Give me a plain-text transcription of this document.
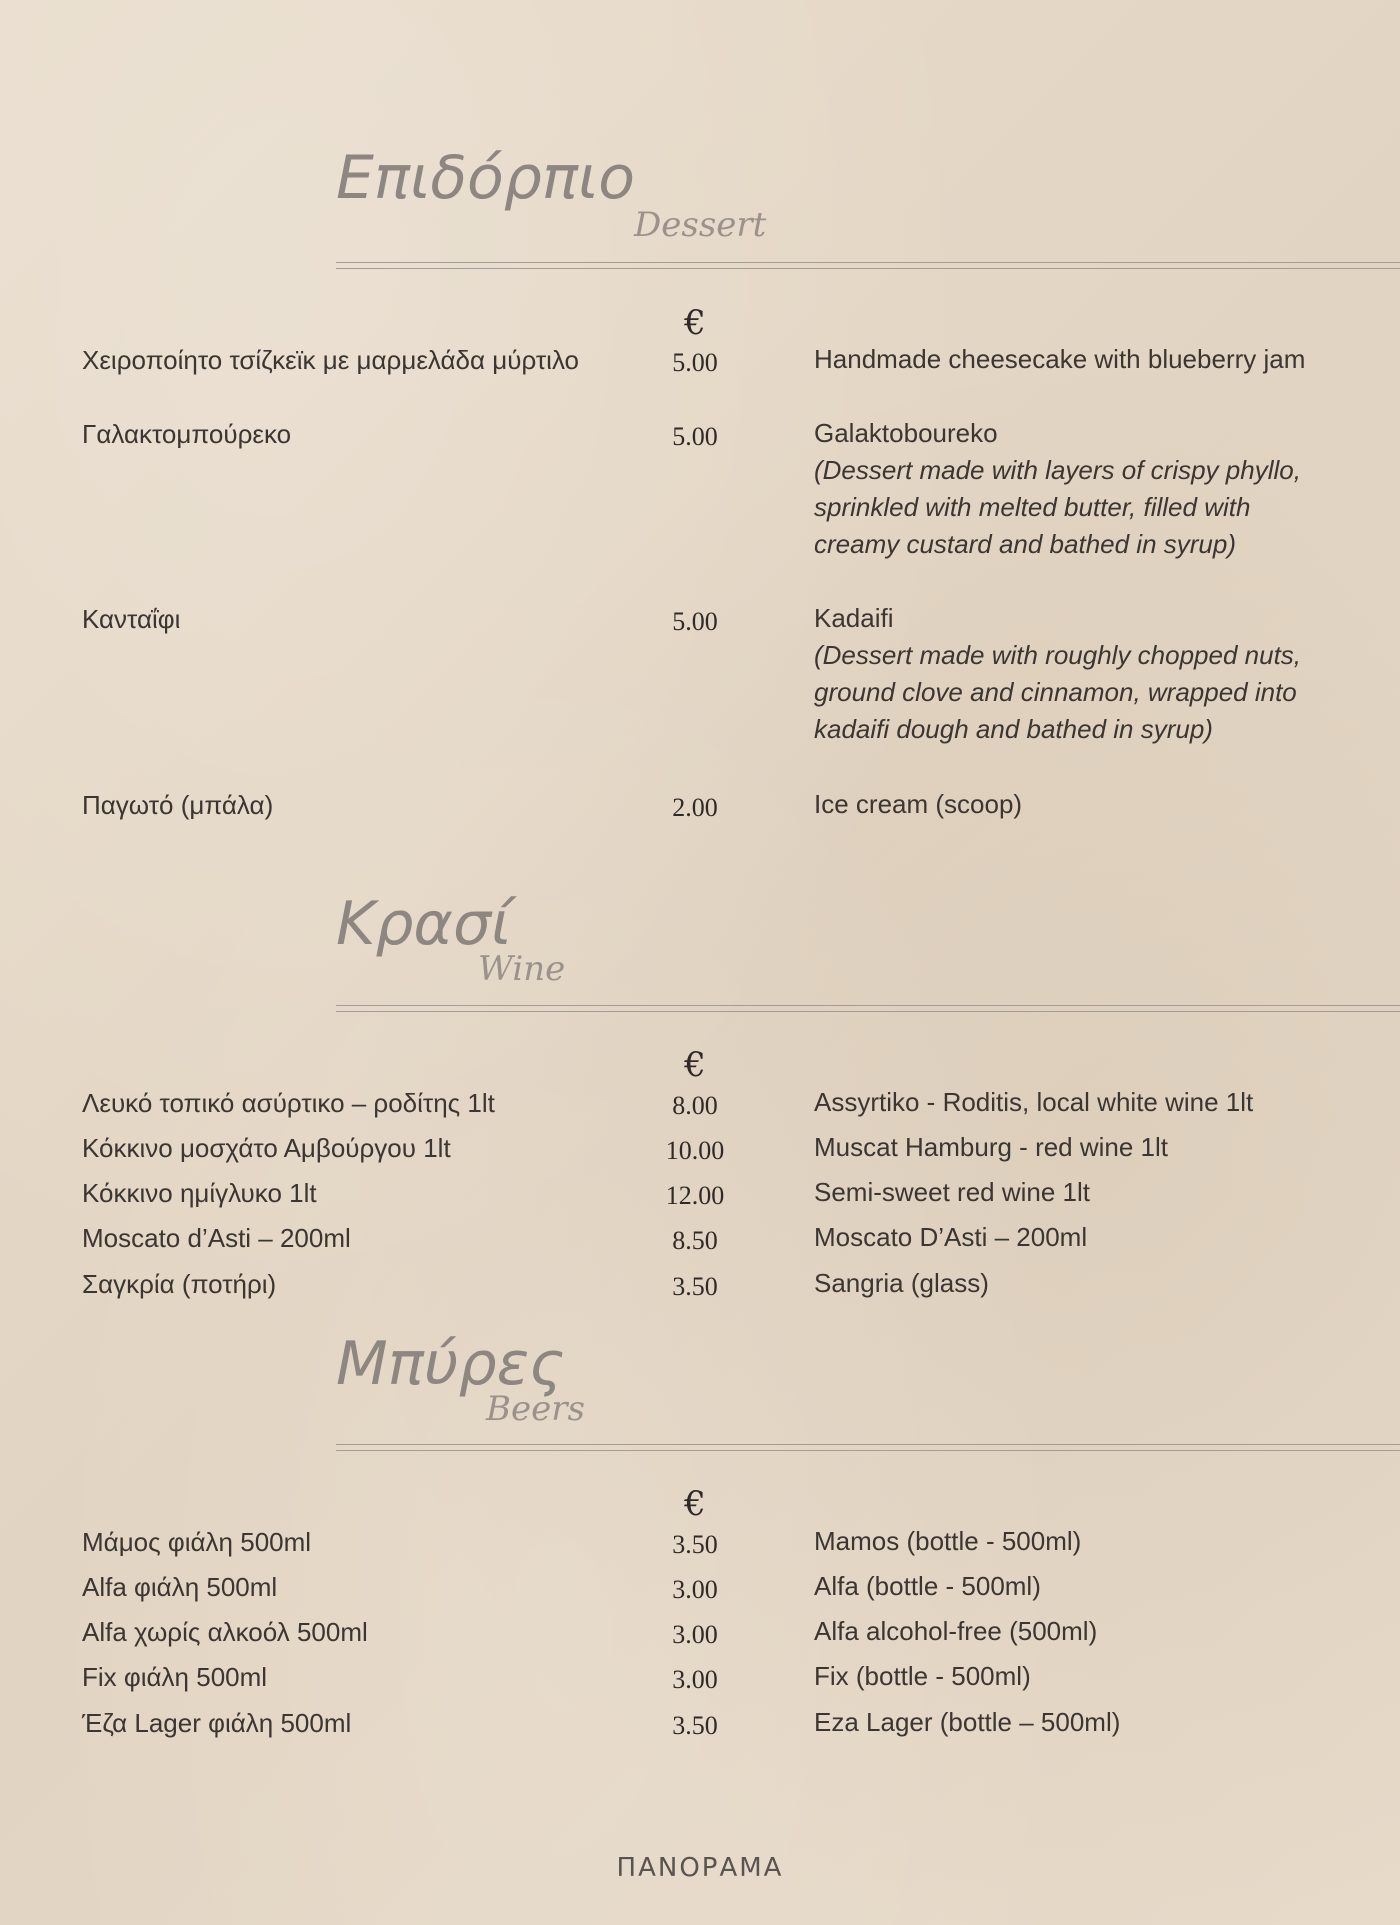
Επιδόρπιο
Dessert
€
Χειροποίητο τσίζκεϊκ με μαρμελάδα μύρτιλο	5.00	Handmade cheesecake with blueberry jam
Γαλακτομπούρεκο	5.00	Galaktoboureko
(Dessert made with layers of crispy phyllo,
sprinkled with melted butter, filled with
creamy custard and bathed in syrup)
Κανταΐφι	5.00	Kadaifi
(Dessert made with roughly chopped nuts,
ground clove and cinnamon, wrapped into
kadaifi dough and bathed in syrup)
Παγωτό (μπάλα)	2.00	Ice cream (scoop)
Κρασί
Wine
€
Λευκό τοπικό ασύρτικο – ροδίτης 1lt	8.00	Assyrtiko - Roditis, local white wine 1lt
Κόκκινο μοσχάτο Αμβούργου 1lt	10.00	Muscat Hamburg - red wine 1lt
Κόκκινο ημίγλυκο 1lt	12.00	Semi-sweet red wine 1lt
Moscato d’Asti – 200ml	8.50	Moscato D’Asti – 200ml
Σαγκρία (ποτήρι)	3.50	Sangria (glass)
Μπύρες
Beers
€
Μάμος φιάλη 500ml	3.50	Mamos (bottle - 500ml)
Alfa φιάλη 500ml	3.00	Alfa (bottle - 500ml)
Alfa χωρίς αλκοόλ 500ml	3.00	Alfa alcohol-free (500ml)
Fix φιάλη 500ml	3.00	Fix (bottle - 500ml)
Έζα Lager φιάλη 500ml	3.50	Eza Lager (bottle – 500ml)
ΠΑΝΟΡΑΜΑ
